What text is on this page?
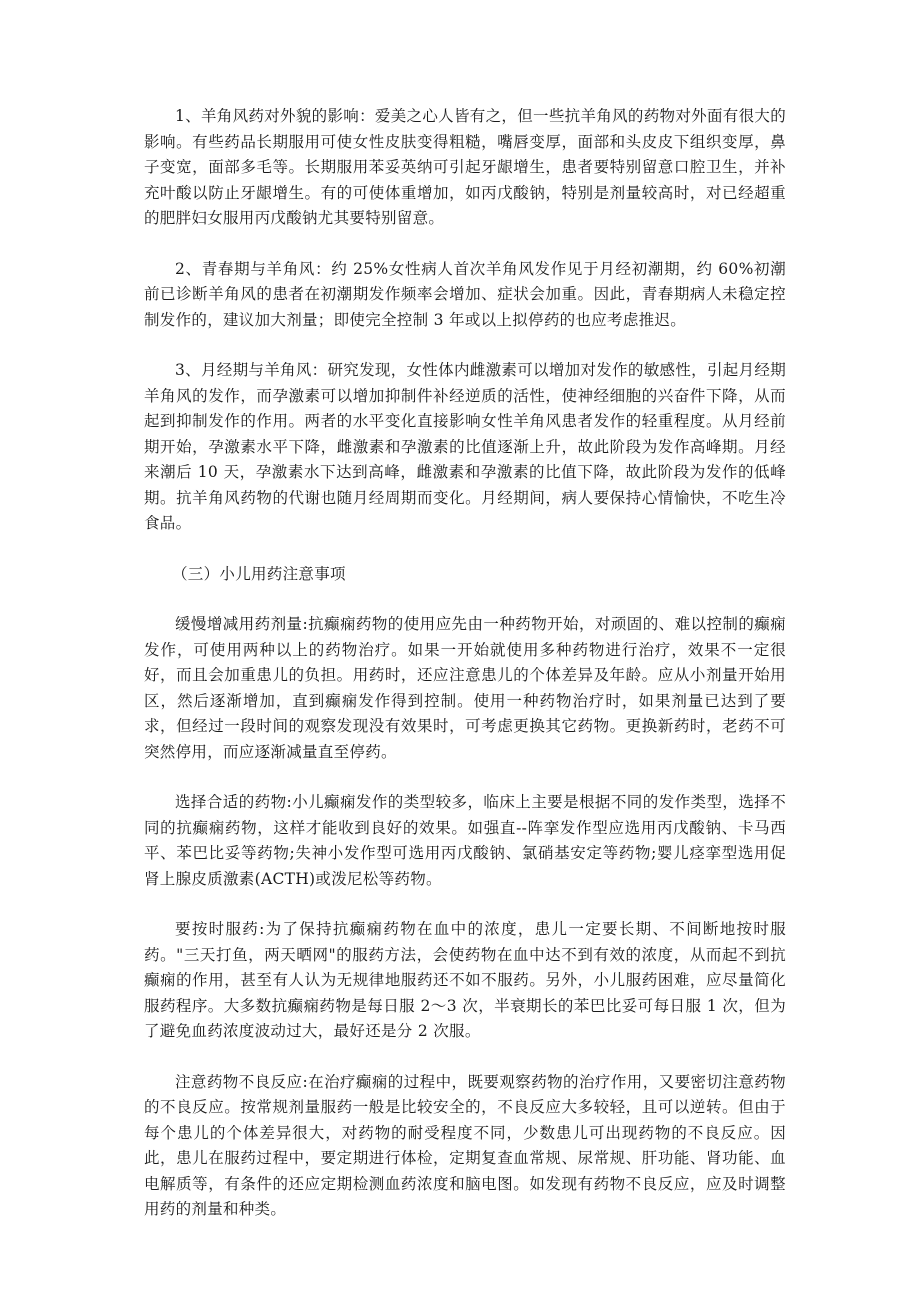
1、羊角风药对外貌的影响：爱美之心人皆有之，但一些抗羊角风的药物对外面有很大的影响。有些药品长期服用可使女性皮肤变得粗糙，嘴唇变厚，面部和头皮皮下组织变厚，鼻子变宽，面部多毛等。长期服用苯妥英纳可引起牙龈增生，患者要特别留意口腔卫生，并补充叶酸以防止牙龈增生。有的可使体重增加，如丙戊酸钠，特别是剂量较高时，对已经超重的肥胖妇女服用丙戊酸钠尤其要特别留意。

2、青春期与羊角风：约 25%女性病人首次羊角风发作见于月经初潮期，约 60%初潮前已诊断羊角风的患者在初潮期发作频率会增加、症状会加重。因此，青春期病人未稳定控制发作的，建议加大剂量；即使完全控制 3 年或以上拟停药的也应考虑推迟。

3、月经期与羊角风：研究发现，女性体内雌激素可以增加对发作的敏感性，引起月经期羊角风的发作，而孕激素可以增加抑制件补经逆质的活性，使神经细胞的兴奋件下降，从而起到抑制发作的作用。两者的水平变化直接影响女性羊角风患者发作的轻重程度。从月经前期开始，孕激素水平下降，雌激素和孕激素的比值逐渐上升，故此阶段为发作高峰期。月经来潮后 10 天，孕激素水下达到高峰，雌激素和孕激素的比值下降，故此阶段为发作的低峰期。抗羊角风药物的代谢也随月经周期而变化。月经期间，病人要保持心情愉快，不吃生冷食品。

（三）小儿用药注意事项

缓慢增减用药剂量:抗癫痫药物的使用应先由一种药物开始，对顽固的、难以控制的癫痫发作，可使用两种以上的药物治疗。如果一开始就使用多种药物进行治疗，效果不一定很好，而且会加重患儿的负担。用药时，还应注意患儿的个体差异及年龄。应从小剂量开始用区，然后逐渐增加，直到癫痫发作得到控制。使用一种药物治疗时，如果剂量已达到了要求，但经过一段时间的观察发现没有效果时，可考虑更换其它药物。更换新药时，老药不可突然停用，而应逐渐减量直至停药。

选择合适的药物:小儿癫痫发作的类型较多，临床上主要是根据不同的发作类型，选择不同的抗癫痫药物，这样才能收到良好的效果。如强直--阵挛发作型应选用丙戊酸钠、卡马西平、苯巴比妥等药物;失神小发作型可选用丙戊酸钠、氯硝基安定等药物;婴儿痉挛型选用促肾上腺皮质激素(ACTH)或泼尼松等药物。

要按时服药:为了保持抗癫痫药物在血中的浓度，患儿一定要长期、不间断地按时服药。"三天打鱼，两天晒网"的服药方法，会使药物在血中达不到有效的浓度，从而起不到抗癫痫的作用，甚至有人认为无规律地服药还不如不服药。另外，小儿服药困难，应尽量简化服药程序。大多数抗癫痫药物是每日服 2～3 次，半衰期长的苯巴比妥可每日服 1 次，但为了避免血药浓度波动过大，最好还是分 2 次服。

注意药物不良反应:在治疗癫痫的过程中，既要观察药物的治疗作用，又要密切注意药物的不良反应。按常规剂量服药一般是比较安全的，不良反应大多较轻，且可以逆转。但由于每个患儿的个体差异很大，对药物的耐受程度不同，少数患儿可出现药物的不良反应。因此，患儿在服药过程中，要定期进行体检，定期复查血常规、尿常规、肝功能、肾功能、血电解质等，有条件的还应定期检测血药浓度和脑电图。如发现有药物不良反应，应及时调整用药的剂量和种类。
